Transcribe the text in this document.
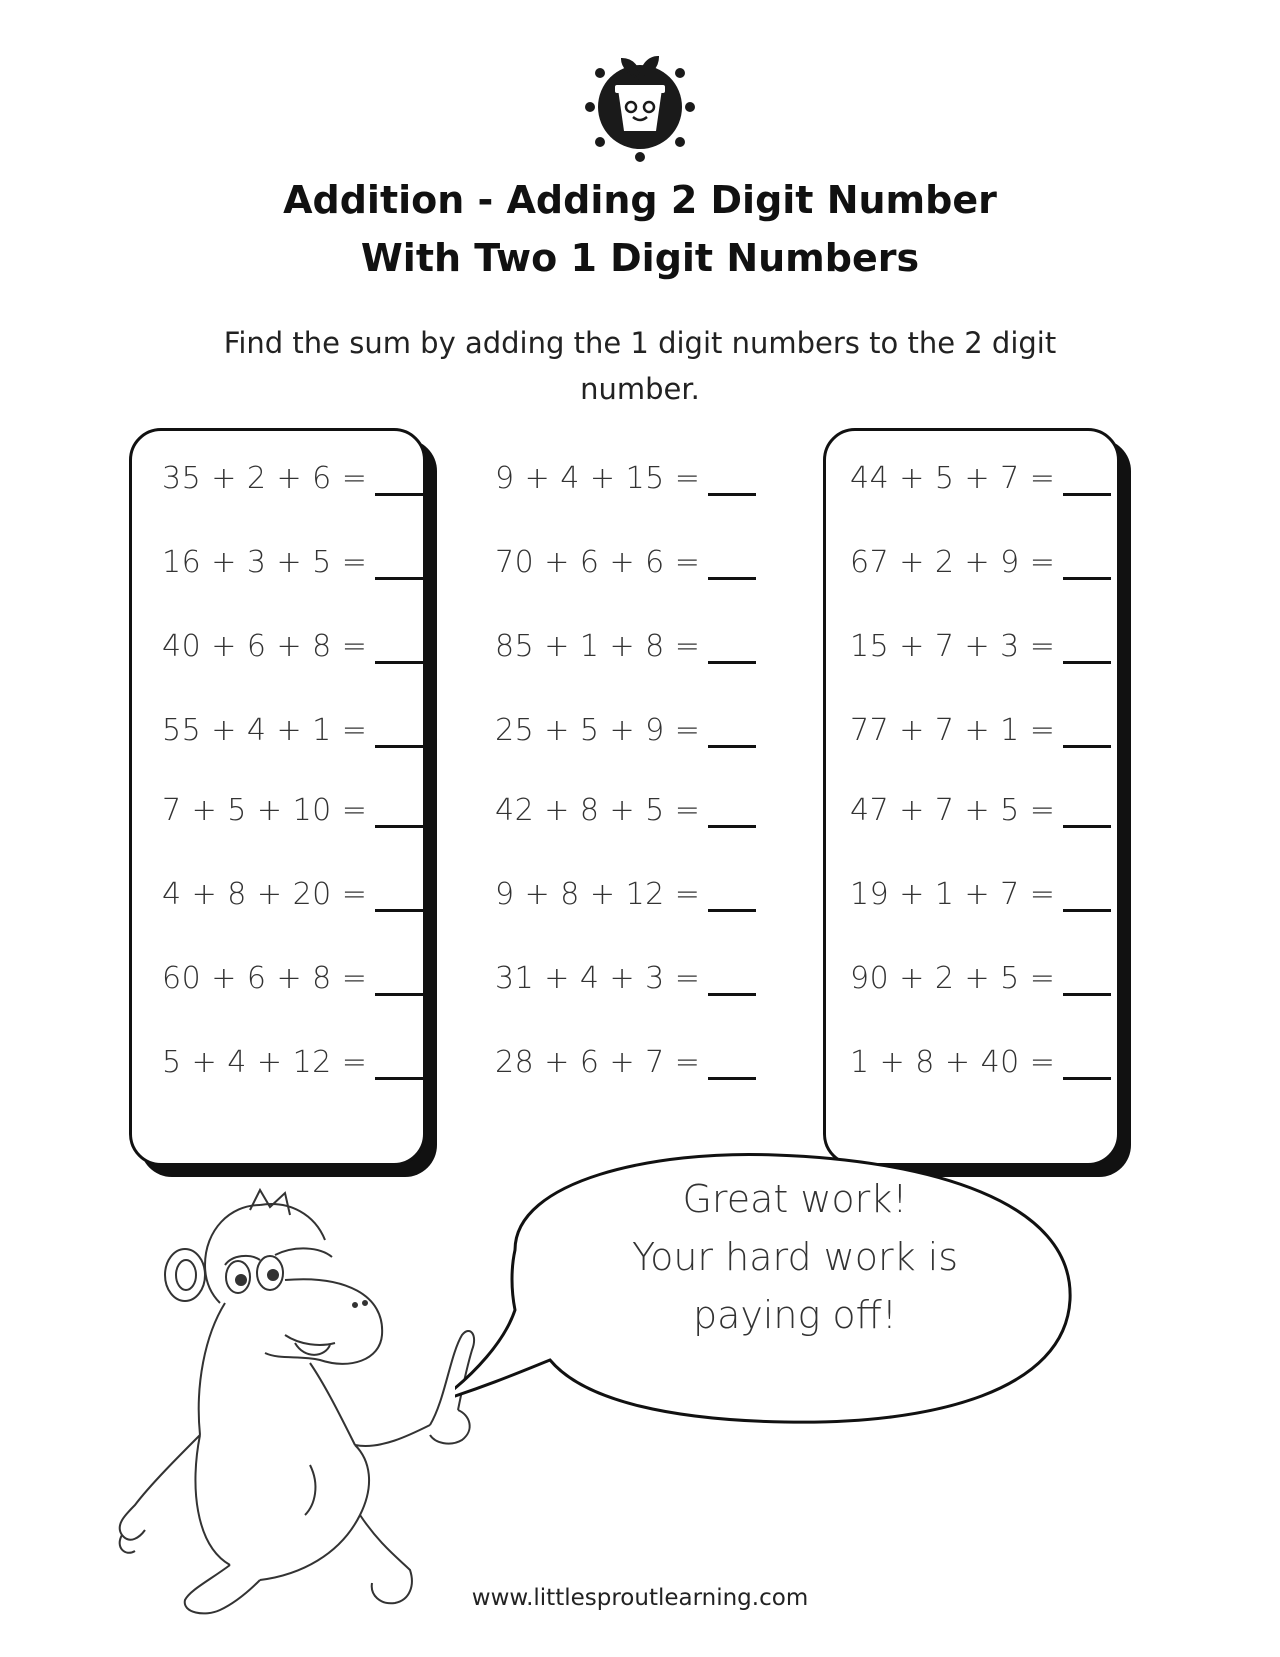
Addition - Adding 2 Digit Number
With Two 1 Digit Numbers
Find the sum by adding the 1 digit numbers to the 2 digit number.
35 + 2 + 6 =
16 + 3 + 5 =
40 + 6 + 8 =
55 + 4 + 1 =
7 + 5 + 10 =
4 + 8 + 20 =
60 + 6 + 8 =
5 + 4 + 12 =
9 + 4 + 15 =
70 + 6 + 6 =
85 + 1 + 8 =
25 + 5 + 9 =
42 + 8 + 5 =
9 + 8 + 12 =
31 + 4 + 3 =
28 + 6 + 7 =
44 + 5 + 7 =
67 + 2 + 9 =
15 + 7 + 3 =
77 + 7 + 1 =
47 + 7 + 5 =
19 + 1 + 7 =
90 + 2 + 5 =
1 + 8 + 40 =
Great work!
Your hard work is
paying off!
www.littlesproutlearning.com
